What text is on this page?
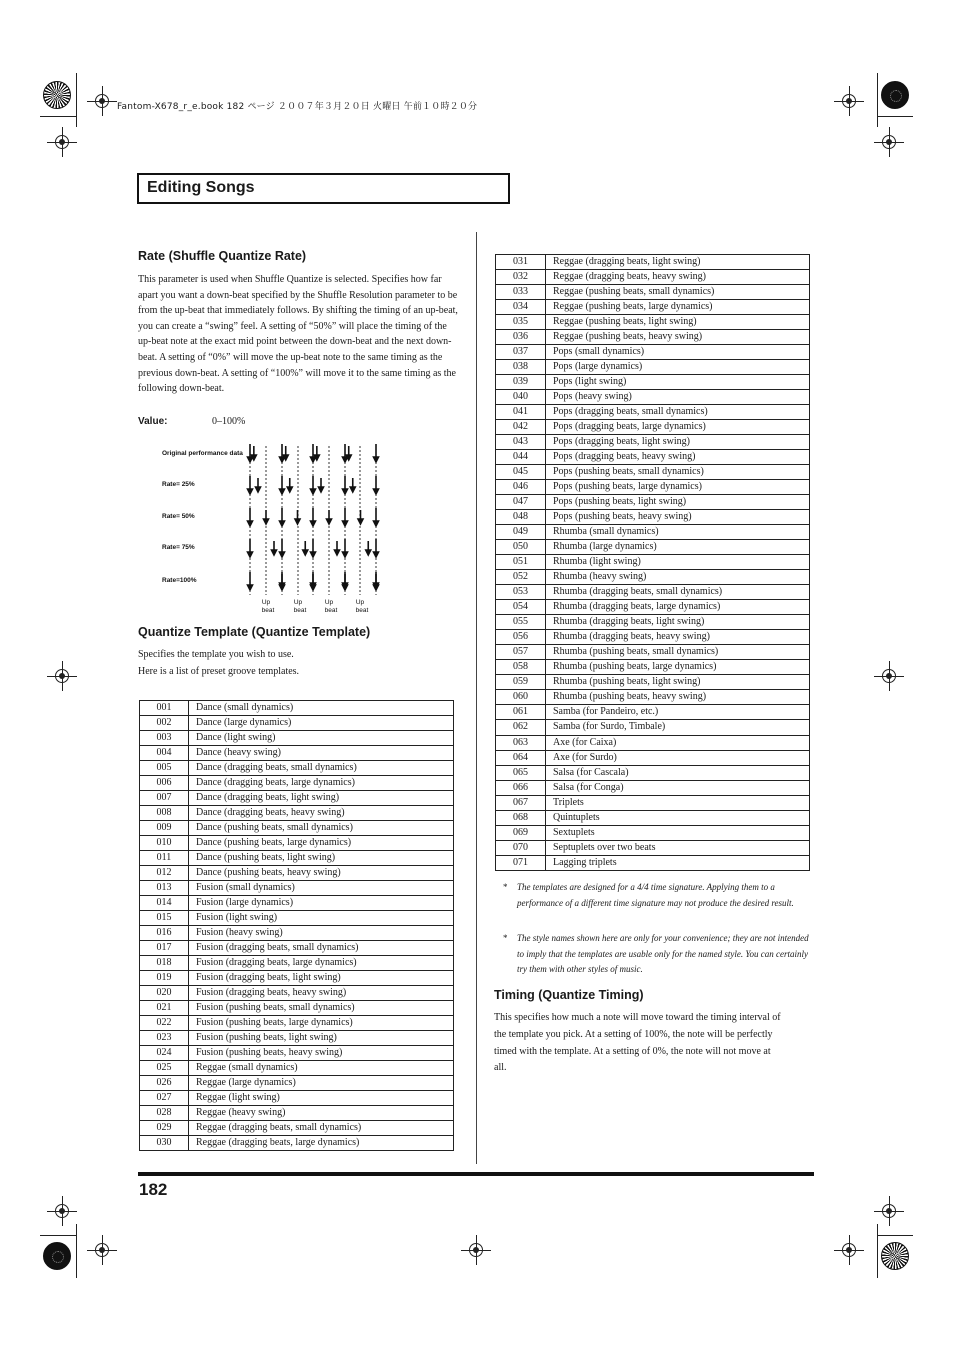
Fantom-X678_r_e.book 182 ページ ２００７年３月２０日 火曜日 午前１０時２０分
Editing Songs
Rate (Shuffle Quantize Rate)

This parameter is used when Shuffle Quantize is selected. Specifies how far apart you want a down-beat specified by the Shuffle Resolution parameter to be from the up-beat that immediately follows. By shifting the timing of an up-beat, you can create a “swing” feel. A setting of “50%” will place the timing of the up-beat note at the exact mid point between the down-beat and the next down-beat. A setting of “0%” will move the up-beat note to the same timing as the previous down-beat. A setting of “100%” will move it to the same timing as the following down-beat.

Value:	0–100%
Original performance data
Rate= 25%
Rate= 50%
Rate= 75%
Rate=100%
Up
beat
Up
beat
Up
beat
Up
beat
Quantize Template (Quantize Template)

Specifies the template you wish to use.

Here is a list of preset groove templates.

001	Dance (small dynamics)
002	Dance (large dynamics)
003	Dance (light swing)
004	Dance (heavy swing)
005	Dance (dragging beats, small dynamics)
006	Dance (dragging beats, large dynamics)
007	Dance (dragging beats, light swing)
008	Dance (dragging beats, heavy swing)
009	Dance (pushing beats, small dynamics)
010	Dance (pushing beats, large dynamics)
011	Dance (pushing beats, light swing)
012	Dance (pushing beats, heavy swing)
013	Fusion (small dynamics)
014	Fusion (large dynamics)
015	Fusion (light swing)
016	Fusion (heavy swing)
017	Fusion (dragging beats, small dynamics)
018	Fusion (dragging beats, large dynamics)
019	Fusion (dragging beats, light swing)
020	Fusion (dragging beats, heavy swing)
021	Fusion (pushing beats, small dynamics)
022	Fusion (pushing beats, large dynamics)
023	Fusion (pushing beats, light swing)
024	Fusion (pushing beats, heavy swing)
025	Reggae (small dynamics)
026	Reggae (large dynamics)
027	Reggae (light swing)
028	Reggae (heavy swing)
029	Reggae (dragging beats, small dynamics)
030	Reggae (dragging beats, large dynamics)
031	Reggae (dragging beats, light swing)
032	Reggae (dragging beats, heavy swing)
033	Reggae (pushing beats, small dynamics)
034	Reggae (pushing beats, large dynamics)
035	Reggae (pushing beats, light swing)
036	Reggae (pushing beats, heavy swing)
037	Pops (small dynamics)
038	Pops (large dynamics)
039	Pops (light swing)
040	Pops (heavy swing)
041	Pops (dragging beats, small dynamics)
042	Pops (dragging beats, large dynamics)
043	Pops (dragging beats, light swing)
044	Pops (dragging beats, heavy swing)
045	Pops (pushing beats, small dynamics)
046	Pops (pushing beats, large dynamics)
047	Pops (pushing beats, light swing)
048	Pops (pushing beats, heavy swing)
049	Rhumba (small dynamics)
050	Rhumba (large dynamics)
051	Rhumba (light swing)
052	Rhumba (heavy swing)
053	Rhumba (dragging beats, small dynamics)
054	Rhumba (dragging beats, large dynamics)
055	Rhumba (dragging beats, light swing)
056	Rhumba (dragging beats, heavy swing)
057	Rhumba (pushing beats, small dynamics)
058	Rhumba (pushing beats, large dynamics)
059	Rhumba (pushing beats, light swing)
060	Rhumba (pushing beats, heavy swing)
061	Samba (for Pandeiro, etc.)
062	Samba (for Surdo, Timbale)
063	Axe (for Caixa)
064	Axe (for Surdo)
065	Salsa (for Cascala)
066	Salsa (for Conga)
067	Triplets
068	Quintuplets
069	Sextuplets
070	Septuplets over two beats
071	Lagging triplets
* The templates are designed for a 4/4 time signature. Applying them to a performance of a different time signature may not produce the desired result.
* The style names shown here are only for your convenience; they are not intended to imply that the templates are usable only for the named style. You can certainly try them with other styles of music.
Timing (Quantize Timing)

This specifies how much a note will move toward the timing interval of the template you pick. At a setting of 100%, the note will be perfectly timed with the template. At a setting of 0%, the note will not move at all.

182
